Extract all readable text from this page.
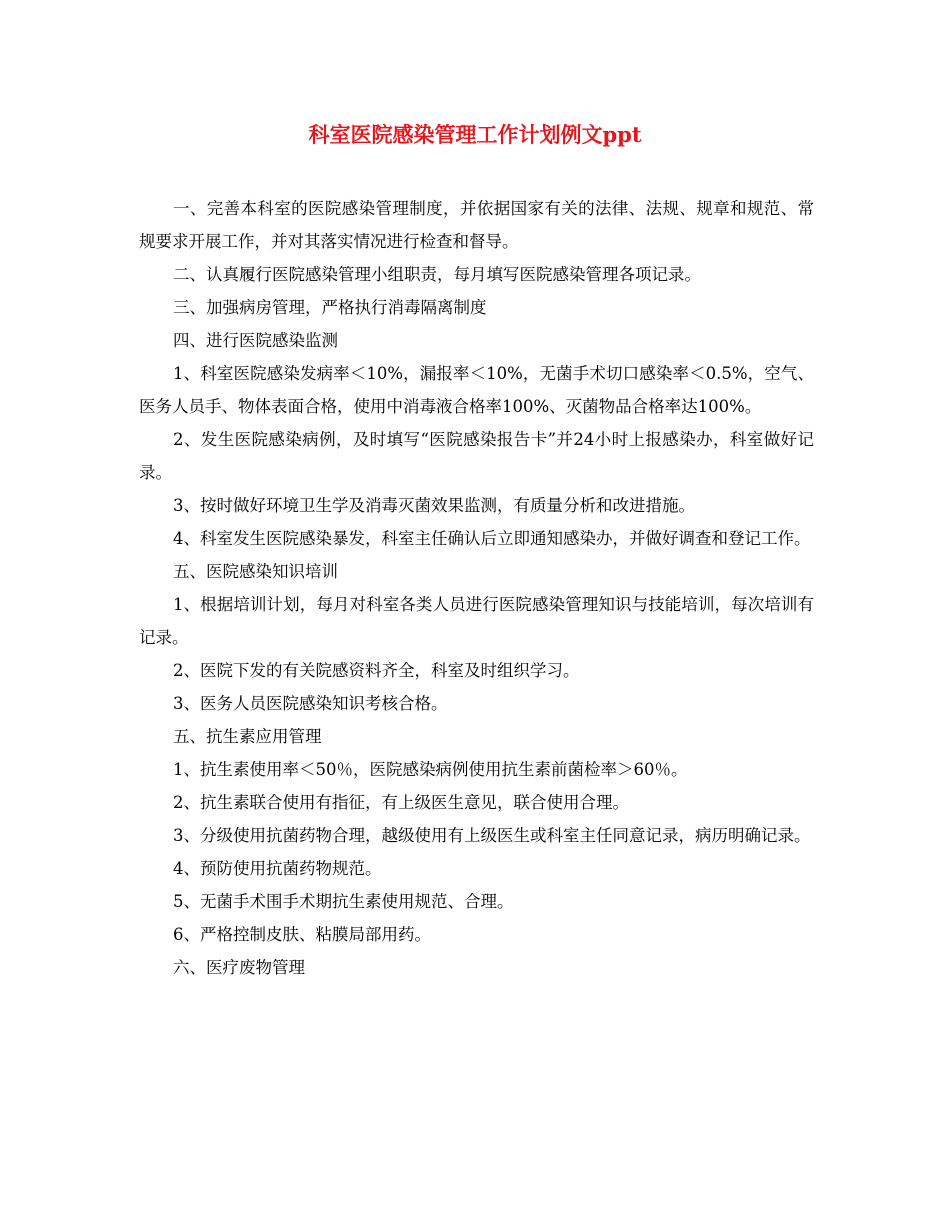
科室医院感染管理工作计划例文ppt

一、完善本科室的医院感染管理制度，并依据国家有关的法律、法规、规章和规范、常规要求开展工作，并对其落实情况进行检查和督导。

二、认真履行医院感染管理小组职责，每月填写医院感染管理各项记录。

三、加强病房管理，严格执行消毒隔离制度

四、进行医院感染监测

1、科室医院感染发病率＜10%，漏报率＜10%，无菌手术切口感染率＜0.5%，空气、医务人员手、物体表面合格，使用中消毒液合格率100%、灭菌物品合格率达100%。

2、发生医院感染病例，及时填写“医院感染报告卡”并24小时上报感染办，科室做好记录。

3、按时做好环境卫生学及消毒灭菌效果监测，有质量分析和改进措施。

4、科室发生医院感染暴发，科室主任确认后立即通知感染办，并做好调查和登记工作。

五、医院感染知识培训

1、根据培训计划，每月对科室各类人员进行医院感染管理知识与技能培训，每次培训有记录。

2、医院下发的有关院感资料齐全，科室及时组织学习。

3、医务人员医院感染知识考核合格。

五、抗生素应用管理

1、抗生素使用率＜50％，医院感染病例使用抗生素前菌检率＞60％。

2、抗生素联合使用有指征，有上级医生意见，联合使用合理。

3、分级使用抗菌药物合理，越级使用有上级医生或科室主任同意记录，病历明确记录。

4、预防使用抗菌药物规范。

5、无菌手术围手术期抗生素使用规范、合理。

6、严格控制皮肤、粘膜局部用药。

六、医疗废物管理
